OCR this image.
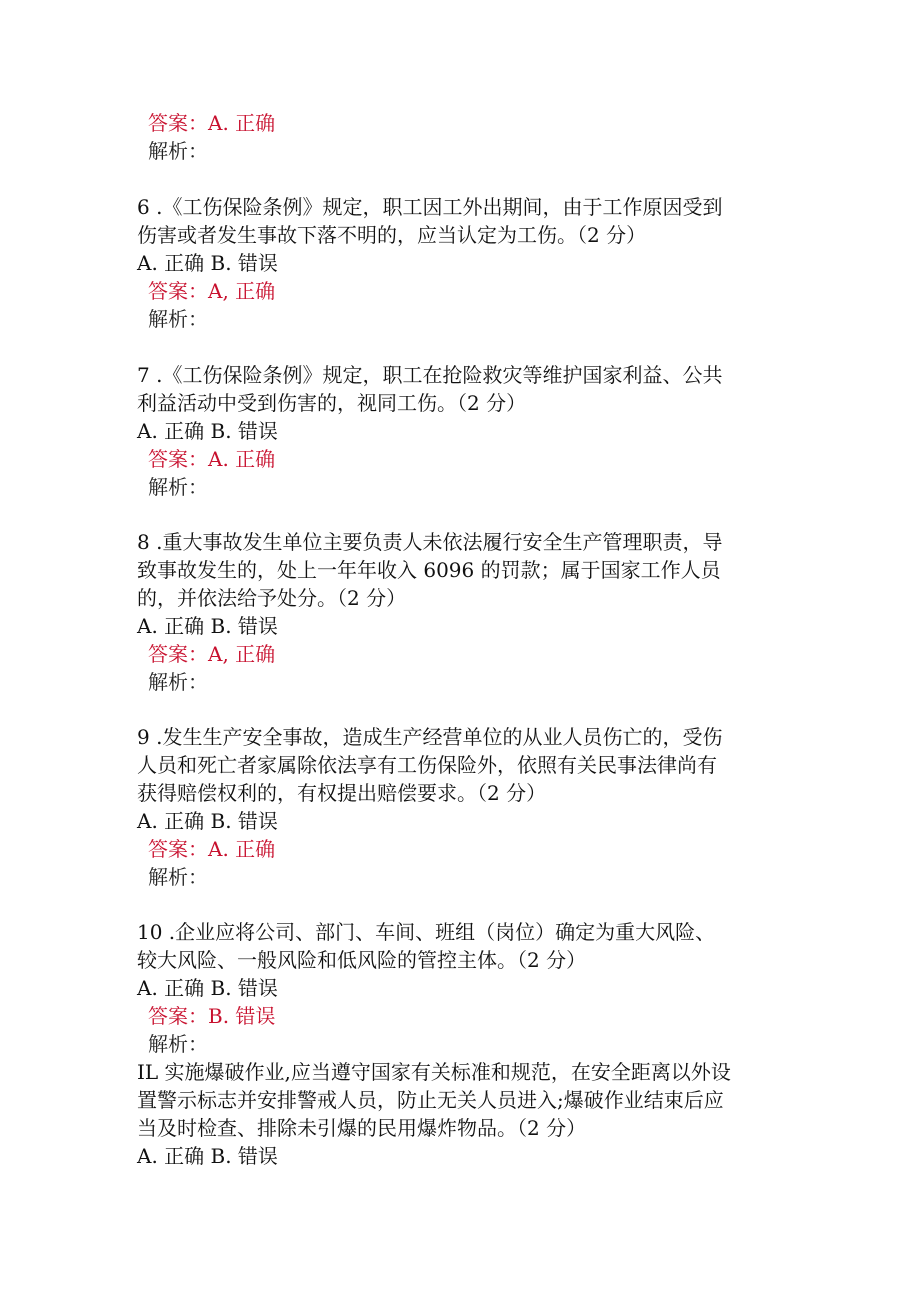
答案：A. 正确
解析：
6 .《工伤保险条例》规定，职工因工外出期间，由于工作原因受到
伤害或者发生事故下落不明的，应当认定为工伤。（2 分）
A. 正确 B. 错误
答案：A, 正确
解析：
7 .《工伤保险条例》规定，职工在抢险救灾等维护国家利益、公共
利益活动中受到伤害的，视同工伤。（2 分）
A. 正确 B. 错误
答案：A. 正确
解析：
8 .重大事故发生单位主要负责人未依法履行安全生产管理职责，导
致事故发生的，处上一年年收入 6096 的罚款；属于国家工作人员
的，并依法给予处分。（2 分）
A. 正确 B. 错误
答案：A, 正确
解析：
9 .发生生产安全事故，造成生产经营单位的从业人员伤亡的，受伤
人员和死亡者家属除依法享有工伤保险外，依照有关民事法律尚有
获得赔偿权利的，有权提出赔偿要求。（2 分）
A. 正确 B. 错误
答案：A. 正确
解析：
10 .企业应将公司、部门、车间、班组（岗位）确定为重大风险、
较大风险、一般风险和低风险的管控主体。（2 分）
A. 正确 B. 错误
答案：B. 错误
解析：
IL 实施爆破作业,应当遵守国家有关标准和规范，在安全距离以外设
置警示标志并安排警戒人员，防止无关人员进入;爆破作业结束后应
当及时检查、排除未引爆的民用爆炸物品。（2 分）
A. 正确 B. 错误
